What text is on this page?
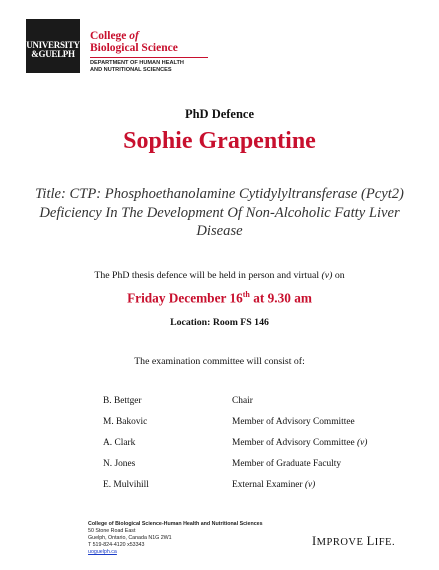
UNIVERSITY
&GUELPH
College of
Biological Science
DEPARTMENT OF HUMAN HEALTH
AND NUTRITIONAL SCIENCES
PhD Defence
Sophie Grapentine
Title: CTP: Phosphoethanolamine Cytidylyltransferase (Pcyt2) Deficiency In The Development Of Non-Alcoholic Fatty Liver Disease
The PhD thesis defence will be held in person and virtual (v) on
Friday December 16th at 9.30 am
Location: Room FS 146
The examination committee will consist of:
B. Bettger	Chair
M. Bakovic	Member of Advisory Committee
A. Clark	Member of Advisory Committee (v)
N. Jones	Member of Graduate Faculty
E. Mulvihill	External Examiner (v)
College of Biological Science-Human Health and Nutritional Sciences
50 Stone Road East
Guelph, Ontario, Canada N1G 2W1
T 519-824-4120 x53343
uoguelph.ca
IMPROVE LIFE.
